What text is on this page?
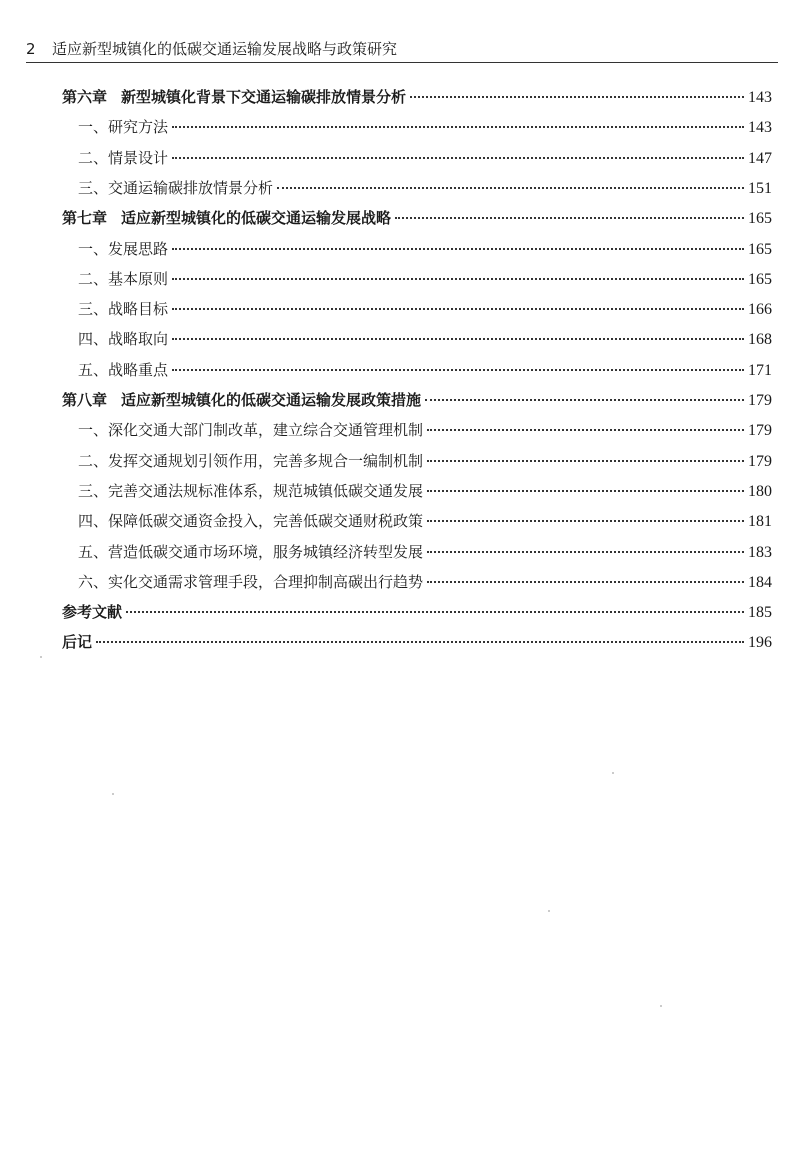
2 适应新型城镇化的低碳交通运输发展战略与政策研究
第六章 新型城镇化背景下交通运输碳排放情景分析	143
一、研究方法	143
二、情景设计	147
三、交通运输碳排放情景分析	151
第七章 适应新型城镇化的低碳交通运输发展战略	165
一、发展思路	165
二、基本原则	165
三、战略目标	166
四、战略取向	168
五、战略重点	171
第八章 适应新型城镇化的低碳交通运输发展政策措施	179
一、深化交通大部门制改革，建立综合交通管理机制	179
二、发挥交通规划引领作用，完善多规合一编制机制	179
三、完善交通法规标准体系，规范城镇低碳交通发展	180
四、保障低碳交通资金投入，完善低碳交通财税政策	181
五、营造低碳交通市场环境，服务城镇经济转型发展	183
六、实化交通需求管理手段，合理抑制高碳出行趋势	184
参考文献	185
后记	196
